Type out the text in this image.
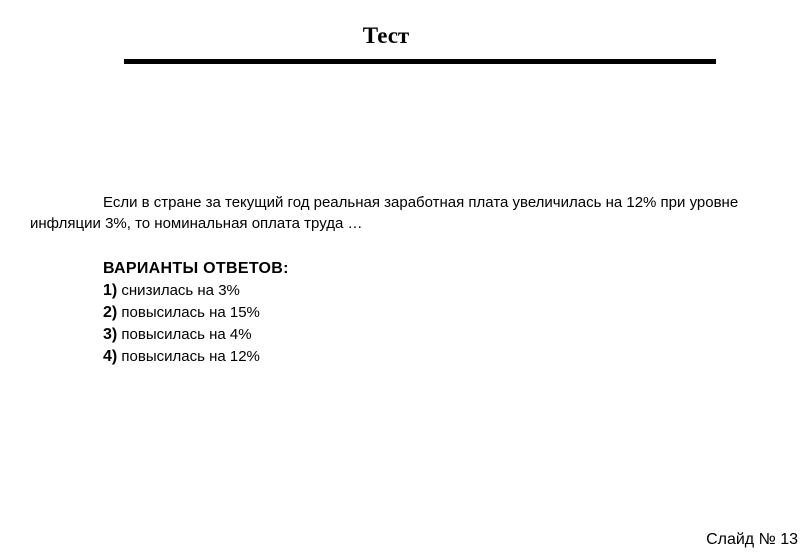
Тест
Если в стране за текущий год реальная заработная плата увеличилась на 12% при уровне инфляции 3%, то номинальная оплата труда …
ВАРИАНТЫ ОТВЕТОВ:
1) снизилась на 3%
2) повысилась на 15%
3) повысилась на 4%
4) повысилась на 12%
Слайд № 13
